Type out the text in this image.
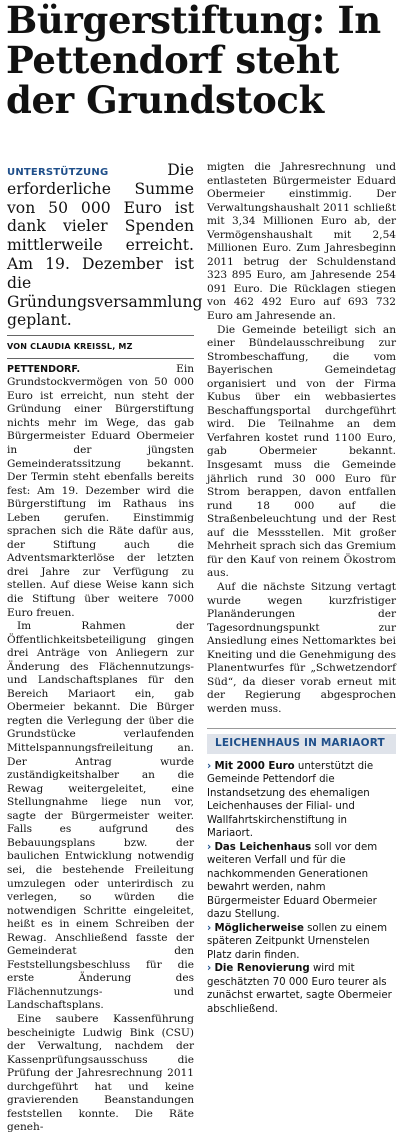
Bürgerstiftung: In Pettendorf steht der Grundstock
UNTERSTÜTZUNG	Die erforderliche Summe von 50 000 Euro ist dank vieler Spenden mittlerweile erreicht. Am 19. Dezember ist die Gründungsversammlung geplant.
VON CLAUDIA KREISSL, MZ

PETTENDORF.	Ein Grundstockvermögen von 50 000 Euro ist erreicht, nun steht der Gründung einer Bürgerstiftung nichts mehr im Wege, das gab Bürgermeister Eduard Obermeier in der jüngsten Gemeinderatssitzung bekannt. Der Termin steht ebenfalls bereits fest: Am 19. Dezember wird die Bürgerstiftung im Rathaus ins Leben gerufen. Einstimmig sprachen sich die Räte dafür aus, der Stiftung auch die Adventsmarkterlöse der letzten drei Jahre zur Verfügung zu stellen. Auf diese Weise kann sich die Stiftung über weitere 7000 Euro freuen.

Im Rahmen der Öffentlichkeitsbeteiligung gingen drei Anträge von Anliegern zur Änderung des Flächennutzungs- und Landschaftsplanes für den Bereich Mariaort ein, gab Obermeier bekannt. Die Bürger regten die Verlegung der über die Grundstücke verlaufenden Mittelspannungsfreileitung an. Der Antrag wurde zuständigkeitshalber an die Rewag weitergeleitet, eine Stellungnahme liege nun vor, sagte der Bürgermeister weiter. Falls es aufgrund des Bebauungsplans bzw. der baulichen Entwicklung notwendig sei, die bestehende Freileitung umzulegen oder unterirdisch zu verlegen, so würden die notwendigen Schritte eingeleitet, heißt es in einem Schreiben der Rewag. Anschließend fasste der Gemeinderat den Feststellungsbeschluss für die erste Änderung des Flächennutzungs- und Landschaftsplans.

Eine saubere Kassenführung bescheinigte Ludwig Bink (CSU) der Verwaltung, nachdem der Kassenprüfungsausschuss die Prüfung der Jahresrechnung 2011 durchgeführt hat und keine gravierenden Beanstandungen feststellen konnte. Die Räte geneh-

migten die Jahresrechnung und entlasteten Bürgermeister Eduard Obermeier einstimmig. Der Verwaltungshaushalt 2011 schließt mit 3,34 Millionen Euro ab, der Vermögenshaushalt mit 2,54 Millionen Euro. Zum Jahresbeginn 2011 betrug der Schuldenstand 323 895 Euro, am Jahresende 254 091 Euro. Die Rücklagen stiegen von 462 492 Euro auf 693 732 Euro am Jahresende an.

Die Gemeinde beteiligt sich an einer Bündelausschreibung zur Strombeschaffung, die vom Bayerischen Gemeindetag organisiert und von der Firma Kubus über ein webbasiertes Beschaffungsportal durchgeführt wird. Die Teilnahme an dem Verfahren kostet rund 1100 Euro, gab Obermeier bekannt. Insgesamt muss die Gemeinde jährlich rund 30 000 Euro für Strom berappen, davon entfallen rund 18 000 auf die Straßenbeleuchtung und der Rest auf die Messstellen. Mit großer Mehrheit sprach sich das Gremium für den Kauf von reinem Ökostrom aus.

Auf die nächste Sitzung vertagt wurde wegen kurzfristiger Planänderungen der Tagesordnungspunkt zur Ansiedlung eines Nettomarktes bei Kneiting und die Genehmigung des Planentwurfes für „Schwetzendorf Süd“, da dieser vorab erneut mit der Regierung abgesprochen werden muss.

LEICHENHAUS IN MARIAORT

› Mit 2000 Euro unterstützt die Gemeinde Pettendorf die Instandsetzung des ehemaligen Leichenhauses der Filial- und Wallfahrtskirchenstiftung in Mariaort.

› Das Leichenhaus soll vor dem weiteren Verfall und für die nachkommenden Generationen bewahrt werden, nahm Bürgermeister Eduard Obermeier dazu Stellung.

› Möglicherweise sollen zu einem späteren Zeitpunkt Urnenstelen Platz darin finden.

› Die Renovierung wird mit geschätzten 70 000 Euro teurer als zunächst erwartet, sagte Obermeier abschließend.
